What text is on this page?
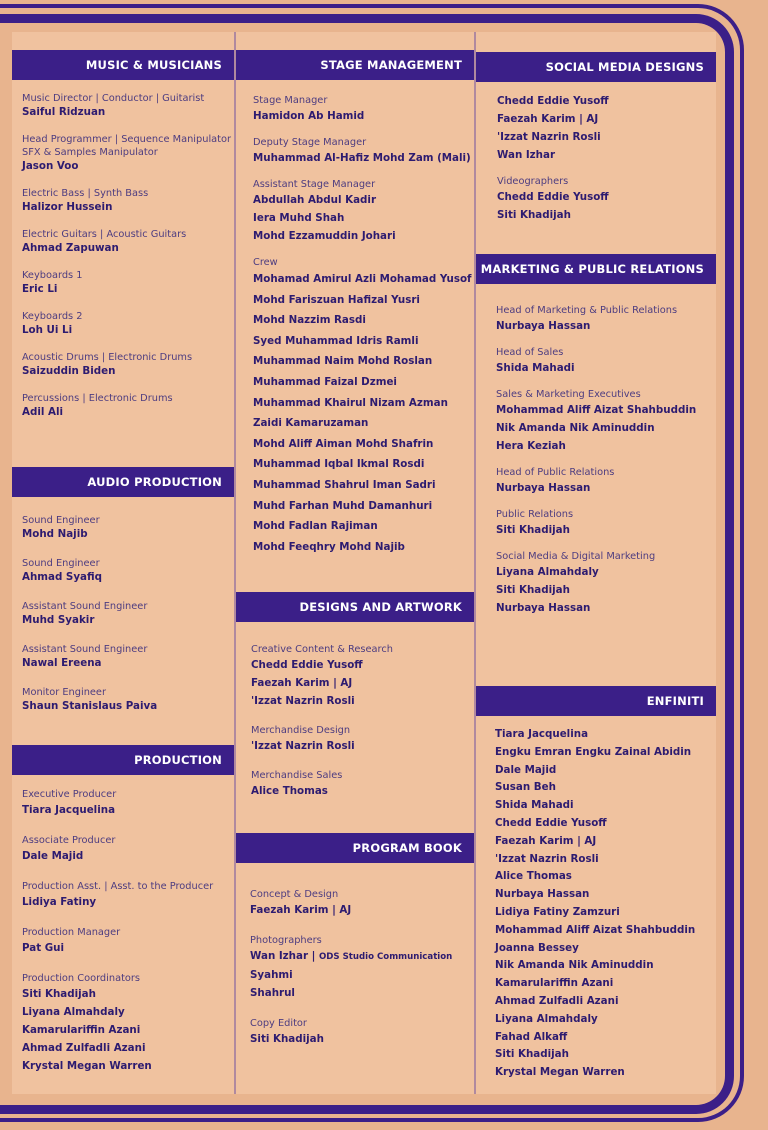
MUSIC & MUSICIANS
Music Director | Conductor | Guitarist
Saiful Ridzuan
Head Programmer | Sequence Manipulator
SFX & Samples Manipulator
Jason Voo
Electric Bass | Synth Bass
Halizor Hussein
Electric Guitars | Acoustic Guitars
Ahmad Zapuwan
Keyboards 1
Eric Li
Keyboards 2
Loh Ui Li
Acoustic Drums | Electronic Drums
Saizuddin Biden
Percussions | Electronic Drums
Adil Ali
AUDIO PRODUCTION
Sound Engineer
Mohd Najib
Sound Engineer
Ahmad Syafiq
Assistant Sound Engineer
Muhd Syakir
Assistant Sound Engineer
Nawal Ereena
Monitor Engineer
Shaun Stanislaus Paiva
PRODUCTION
Executive Producer
Tiara Jacquelina
Associate Producer
Dale Majid
Production Asst. | Asst. to the Producer
Lidiya Fatiny
Production Manager
Pat Gui
Production Coordinators
Siti Khadijah
Liyana Almahdaly
Kamarulariffin Azani
Ahmad Zulfadli Azani
Krystal Megan Warren
STAGE MANAGEMENT
Stage Manager
Hamidon Ab Hamid
Deputy Stage Manager
Muhammad Al-Hafiz Mohd Zam (Mali)
Assistant Stage Manager
Abdullah Abdul Kadir
Iera Muhd Shah
Mohd Ezzamuddin Johari
Crew
Mohamad Amirul Azli Mohamad Yusof
Mohd Fariszuan Hafizal Yusri
Mohd Nazzim Rasdi
Syed Muhammad Idris Ramli
Muhammad Naim Mohd Roslan
Muhammad Faizal Dzmei
Muhammad Khairul Nizam Azman
Zaidi Kamaruzaman
Mohd Aliff Aiman Mohd Shafrin
Muhammad Iqbal Ikmal Rosdi
Muhammad Shahrul Iman Sadri
Muhd Farhan Muhd Damanhuri
Mohd Fadlan Rajiman
Mohd Feeqhry Mohd Najib
DESIGNS AND ARTWORK
Creative Content & Research
Chedd Eddie Yusoff
Faezah Karim | AJ
'Izzat Nazrin Rosli
Merchandise Design
'Izzat Nazrin Rosli
Merchandise Sales
Alice Thomas
PROGRAM BOOK
Concept & Design
Faezah Karim | AJ
Photographers
Wan Izhar | ODS Studio Communication
Syahmi
Shahrul
Copy Editor
Siti Khadijah
SOCIAL MEDIA DESIGNS
Chedd Eddie Yusoff
Faezah Karim | AJ
'Izzat Nazrin Rosli
Wan Izhar
Videographers
Chedd Eddie Yusoff
Siti Khadijah
MARKETING & PUBLIC RELATIONS
Head of Marketing & Public Relations
Nurbaya Hassan
Head of Sales
Shida Mahadi
Sales & Marketing Executives
Mohammad Aliff Aizat Shahbuddin
Nik Amanda Nik Aminuddin
Hera Keziah
Head of Public Relations
Nurbaya Hassan
Public Relations
Siti Khadijah
Social Media & Digital Marketing
Liyana Almahdaly
Siti Khadijah
Nurbaya Hassan
ENFINITI
Tiara Jacquelina
Engku Emran Engku Zainal Abidin
Dale Majid
Susan Beh
Shida Mahadi
Chedd Eddie Yusoff
Faezah Karim | AJ
'Izzat Nazrin Rosli
Alice Thomas
Nurbaya Hassan
Lidiya Fatiny Zamzuri
Mohammad Aliff Aizat Shahbuddin
Joanna Bessey
Nik Amanda Nik Aminuddin
Kamarulariffin Azani
Ahmad Zulfadli Azani
Liyana Almahdaly
Fahad Alkaff
Siti Khadijah
Krystal Megan Warren
